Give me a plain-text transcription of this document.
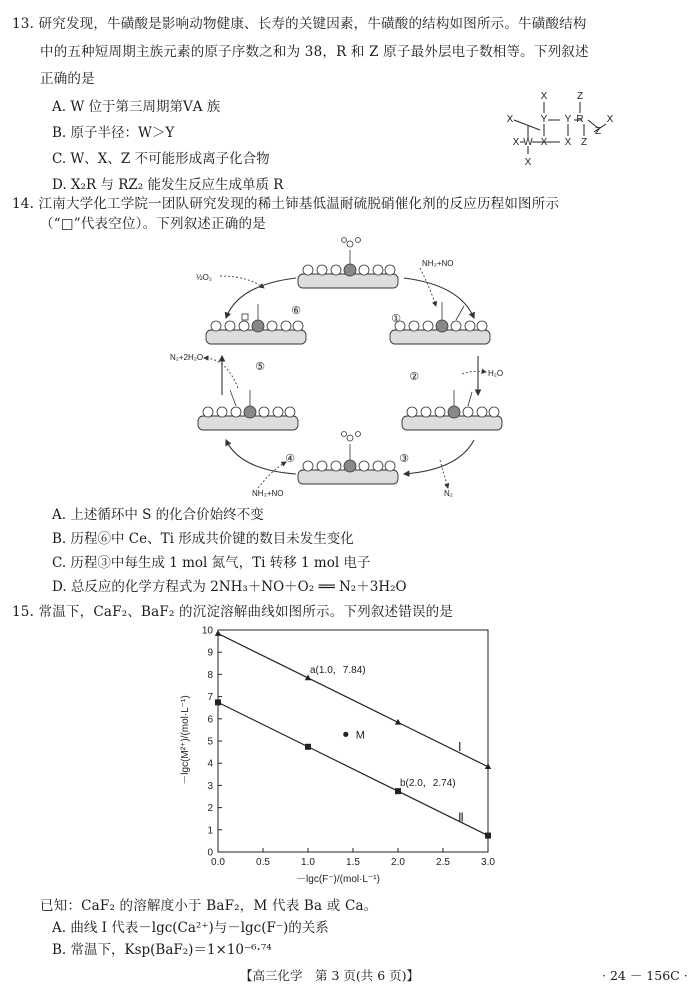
13. 研究发现，牛磺酸是影响动物健康、长寿的关键因素，牛磺酸的结构如图所示。牛磺酸结构
中的五种短周期主族元素的原子序数之和为 38，R 和 Z 原子最外层电子数相等。下列叙述
正确的是
A. W 位于第三周期第ⅤA 族
B. 原子半径：W＞Y
C. W、X、Z 不可能形成离子化合物
D. X₂R 与 RZ₂ 能发生反应生成单质 R
X
Y
X
X
Y R
Z
Z
X
W
X
X
Z
X
14. 江南大学化工学院一团队研究发现的稀土铈基低温耐硫脱硝催化剂的反应历程如图所示
（“□”代表空位）。下列叙述正确的是
½O₂
NH₃+NO
H₂O
N₂
NH₃+NO
N₂+2H₂O
①
②
③
④
⑤
⑥
A. 上述循环中 S 的化合价始终不变
B. 历程⑥中 Ce、Ti 形成共价键的数目未发生变化
C. 历程③中每生成 1 mol 氮气，Ti 转移 1 mol 电子
D. 总反应的化学方程式为 2NH₃＋NO＋O₂ ══ N₂＋3H₂O
15. 常温下，CaF₂、BaF₂ 的沉淀溶解曲线如图所示。下列叙述错误的是
Ⅰ
Ⅱ
a(1.0，7.84)
b(2.0，2.74)
M
0.0	0.5	1.0	1.5	2.0	2.5	3.0
0
1
2
3
4
5
6
7
8
9
10
－lgc(F⁻)/(mol·L⁻¹)
－lgc(M²⁺)/(mol·L⁻¹)
已知：CaF₂ 的溶解度小于 BaF₂，M 代表 Ba 或 Ca。
A. 曲线 Ⅰ 代表－lgc(Ca²⁺)与－lgc(F⁻)的关系
B. 常温下，Ksp(BaF₂)＝1×10⁻⁶·⁷⁴
【高三化学　第 3 页(共 6 页)】	· 24 － 156C ·
